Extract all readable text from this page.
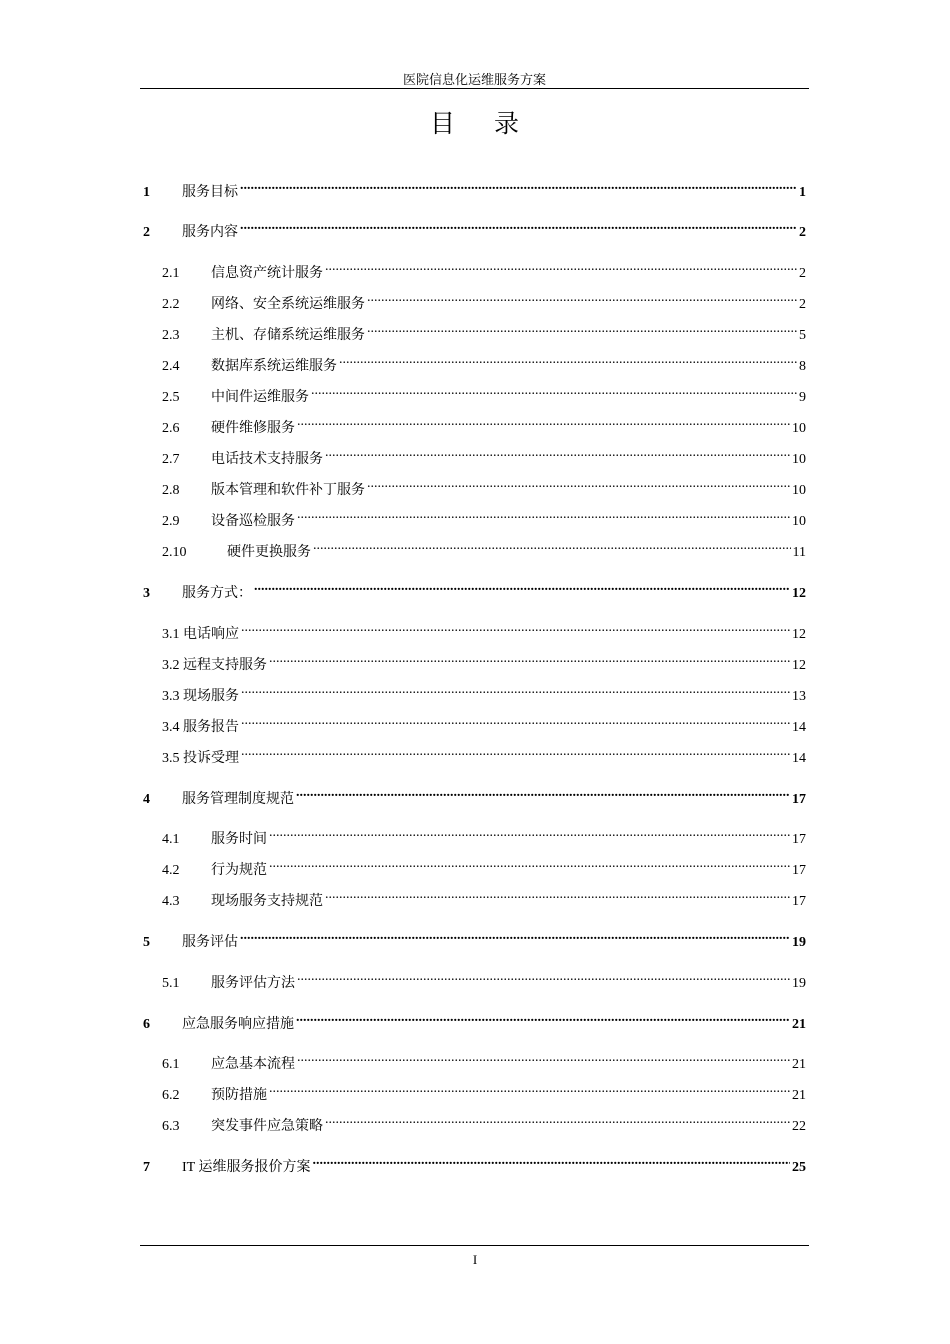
医院信息化运维服务方案
目 录
1	服务目标 .....	1
2	服务内容 .....	2
2.1	信息资产统计服务 .....	2
2.2	网络、安全系统运维服务 .....	2
2.3	主机、存储系统运维服务 .....	5
2.4	数据库系统运维服务 .....	8
2.5	中间件运维服务 .....	9
2.6	硬件维修服务 .....	10
2.7	电话技术支持服务 .....	10
2.8	版本管理和软件补丁服务 .....	10
2.9	设备巡检服务 .....	10
2.10	硬件更换服务 .....	11
3	服务方式： .....	12
3.1 电话响应 .....	12
3.2 远程支持服务 .....	12
3.3 现场服务 .....	13
3.4 服务报告 .....	14
3.5 投诉受理 .....	14
4	服务管理制度规范 .....	17
4.1	服务时间 .....	17
4.2	行为规范 .....	17
4.3	现场服务支持规范 .....	17
5	服务评估 .....	19
5.1	服务评估方法 .....	19
6	应急服务响应措施 .....	21
6.1	应急基本流程 .....	21
6.2	预防措施 .....	21
6.3	突发事件应急策略 .....	22
7	IT 运维服务报价方案 .....	25
I
